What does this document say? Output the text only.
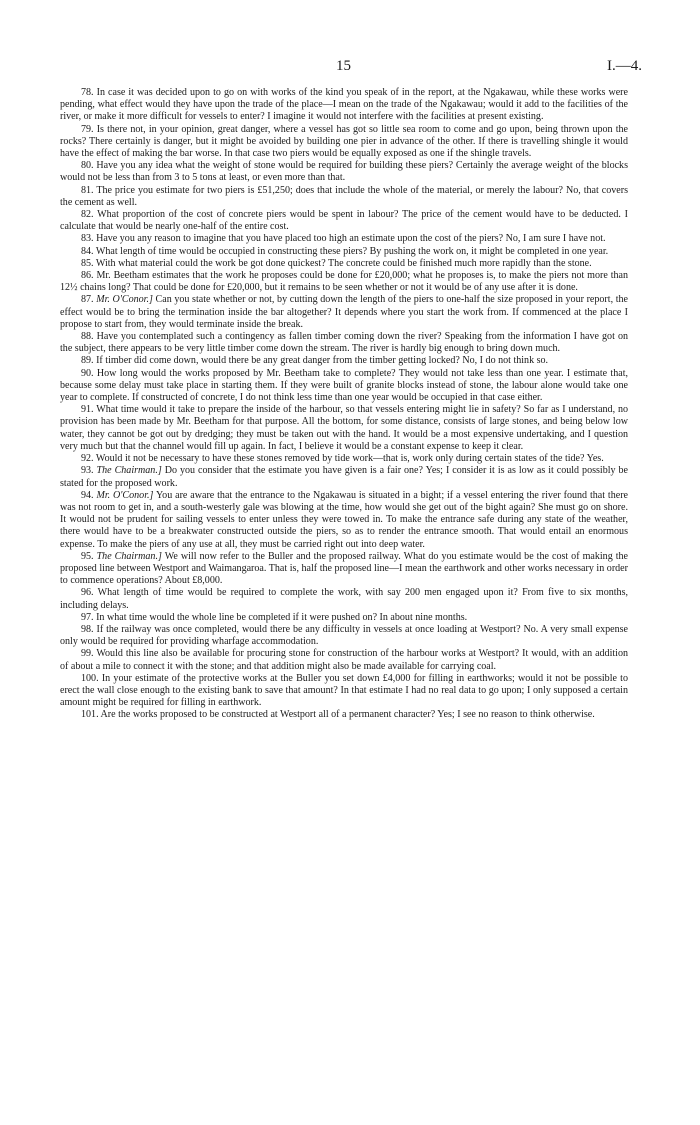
15	I.—4.

78. In case it was decided upon to go on with works of the kind you speak of in the report, at the Ngakawau, while these works were pending, what effect would they have upon the trade of the place—I mean on the trade of the Ngakawau; would it add to the facilities of the river, or make it more difficult for vessels to enter? I imagine it would not interfere with the facilities at present existing.

79. Is there not, in your opinion, great danger, where a vessel has got so little sea room to come and go upon, being thrown upon the rocks? There certainly is danger, but it might be avoided by building one pier in advance of the other. If there is travelling shingle it would have the effect of making the bar worse. In that case two piers would be equally exposed as one if the shingle travels.

80. Have you any idea what the weight of stone would be required for building these piers? Certainly the average weight of the blocks would not be less than from 3 to 5 tons at least, or even more than that.

81. The price you estimate for two piers is £51,250; does that include the whole of the material, or merely the labour? No, that covers the cement as well.

82. What proportion of the cost of concrete piers would be spent in labour? The price of the cement would have to be deducted. I calculate that would be nearly one-half of the entire cost.

83. Have you any reason to imagine that you have placed too high an estimate upon the cost of the piers? No, I am sure I have not.

84. What length of time would be occupied in constructing these piers? By pushing the work on, it might be completed in one year.

85. With what material could the work be got done quickest? The concrete could be finished much more rapidly than the stone.

86. Mr. Beetham estimates that the work he proposes could be done for £20,000; what he proposes is, to make the piers not more than 12½ chains long? That could be done for £20,000, but it remains to be seen whether or not it would be of any use after it is done.

87. Mr. O'Conor.] Can you state whether or not, by cutting down the length of the piers to one-half the size proposed in your report, the effect would be to bring the termination inside the bar altogether? It depends where you start the work from. If commenced at the place I propose to start from, they would terminate inside the break.

88. Have you contemplated such a contingency as fallen timber coming down the river? Speaking from the information I have got on the subject, there appears to be very little timber come down the stream. The river is hardly big enough to bring down much.

89. If timber did come down, would there be any great danger from the timber getting locked? No, I do not think so.

90. How long would the works proposed by Mr. Beetham take to complete? They would not take less than one year. I estimate that, because some delay must take place in starting them. If they were built of granite blocks instead of stone, the labour alone would take one year to complete. If constructed of concrete, I do not think less time than one year would be occupied in that case either.

91. What time would it take to prepare the inside of the harbour, so that vessels entering might lie in safety? So far as I understand, no provision has been made by Mr. Beetham for that purpose. All the bottom, for some distance, consists of large stones, and being below low water, they cannot be got out by dredging; they must be taken out with the hand. It would be a most expensive undertaking, and I question very much but that the channel would fill up again. In fact, I believe it would be a constant expense to keep it clear.

92. Would it not be necessary to have these stones removed by tide work—that is, work only during certain states of the tide? Yes.

93. The Chairman.] Do you consider that the estimate you have given is a fair one? Yes; I consider it is as low as it could possibly be stated for the proposed work.

94. Mr. O'Conor.] You are aware that the entrance to the Ngakawau is situated in a bight; if a vessel entering the river found that there was not room to get in, and a south-westerly gale was blowing at the time, how would she get out of the bight again? She must go on shore. It would not be prudent for sailing vessels to enter unless they were towed in. To make the entrance safe during any state of the weather, there would have to be a breakwater constructed outside the piers, so as to render the entrance smooth. That would entail an enormous expense. To make the piers of any use at all, they must be carried right out into deep water.

95. The Chairman.] We will now refer to the Buller and the proposed railway. What do you estimate would be the cost of making the proposed line between Westport and Waimangaroa. That is, half the proposed line—I mean the earthwork and other works necessary in order to commence operations? About £8,000.

96. What length of time would be required to complete the work, with say 200 men engaged upon it? From five to six months, including delays.

97. In what time would the whole line be completed if it were pushed on? In about nine months.

98. If the railway was once completed, would there be any difficulty in vessels at once loading at Westport? No. A very small expense only would be required for providing wharfage accommodation.

99. Would this line also be available for procuring stone for construction of the harbour works at Westport? It would, with an addition of about a mile to connect it with the stone; and that addition might also be made available for carrying coal.

100. In your estimate of the protective works at the Buller you set down £4,000 for filling in earthworks; would it not be possible to erect the wall close enough to the existing bank to save that amount? In that estimate I had no real data to go upon; I only supposed a certain amount might be required for filling in earthwork.

101. Are the works proposed to be constructed at Westport all of a permanent character? Yes; I see no reason to think otherwise.
